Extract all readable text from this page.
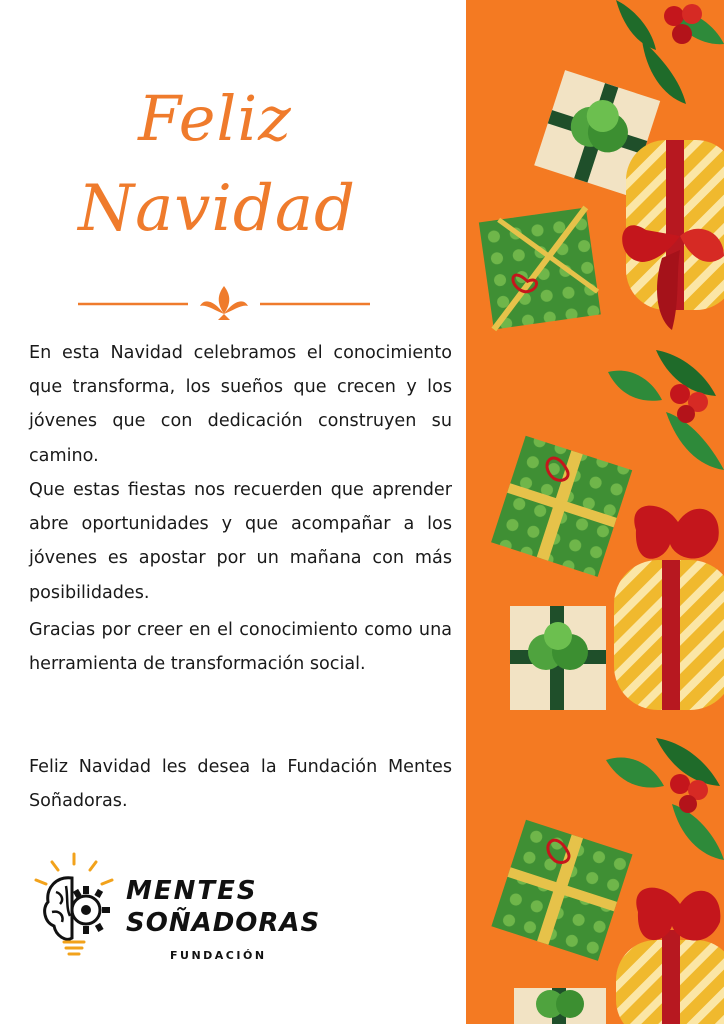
Feliz
Navidad

En esta Navidad celebramos el conocimiento que transforma, los sueños que crecen y los jóvenes que con dedicación construyen su camino.

Que estas fiestas nos recuerden que aprender abre oportunidades y que acompañar a los jóvenes es apostar por un mañana con más posibilidades.

Gracias por creer en el conocimiento como una herramienta de transformación social.

Feliz Navidad les desea la Fundación Mentes Soñadoras.

MENTES
SOÑADORAS
FUNDACIÓN
